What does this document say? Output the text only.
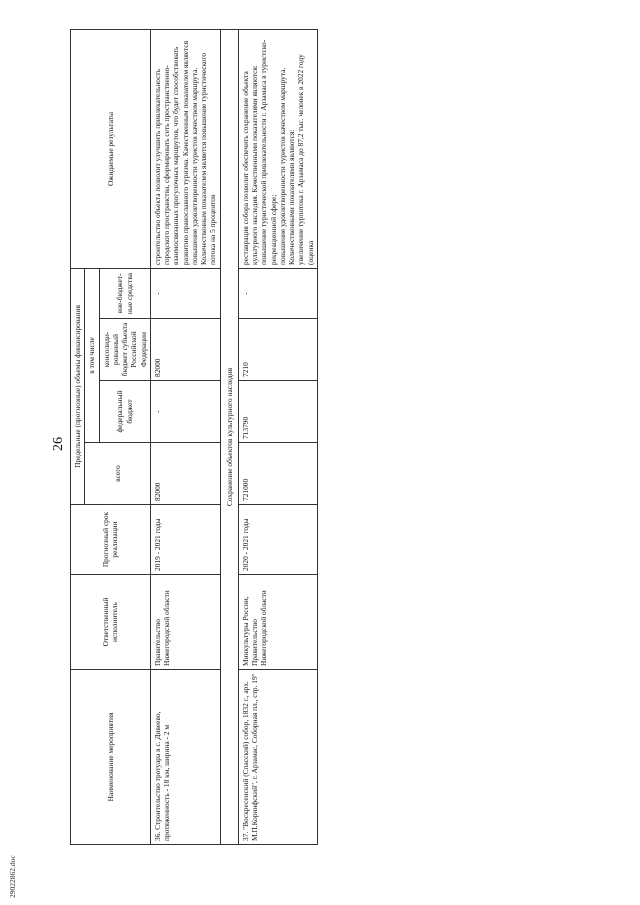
26
Наименование мероприятия	Ответственный исполнитель	Прогнозный срок реализации	Предельные (прогнозные) объемы финансирования				Ожидаемые результаты
			всего	в том числе			
				федеральный бюджет	консолиди-рованный бюджет субъекта Российской Федерации	вне-бюджет-ные средства	
36. Строительство тротуара в с. Дивеево, протяженность - 18 км, ширина - 2 м	Правительство Нижегородской области	2019 - 2021 годы	82000	-	82000	-	строительство объекта позволит улучшить привлекательность городского пространства, сформировать сеть пространственно-взаимосвязанных прогулочных маршрутов, что будет способствовать развитию православного туризма. Качественным показателем является повышение удовлетворенности туристов качеством маршрута. Количественным показателем является повышение туристического потока на 5 процентов
Сохранение объектов культурного наследия							
37. "Воскресенский (Спасский) собор, 1832 г., арх. М.П.Коринфский", г. Арзамас, Соборная пл., стр. 19"	Минкультуры России, Правительство Нижегородской области	2020 - 2021 годы	721000	713790	7210	-	реставрация собора позволит обеспечить сохранение объекта культурного наследия. Качественными показателями являются: повышение туристической привлекательности г. Арзамаса в туристско-рекреационной сфере; повышение удовлетворенности туристов качеством маршрута. Количественными показателями являются: увеличение турпотока г. Арзамаса до 87,2 тыс. человек в 2022 году (оценка
29022862.doc
